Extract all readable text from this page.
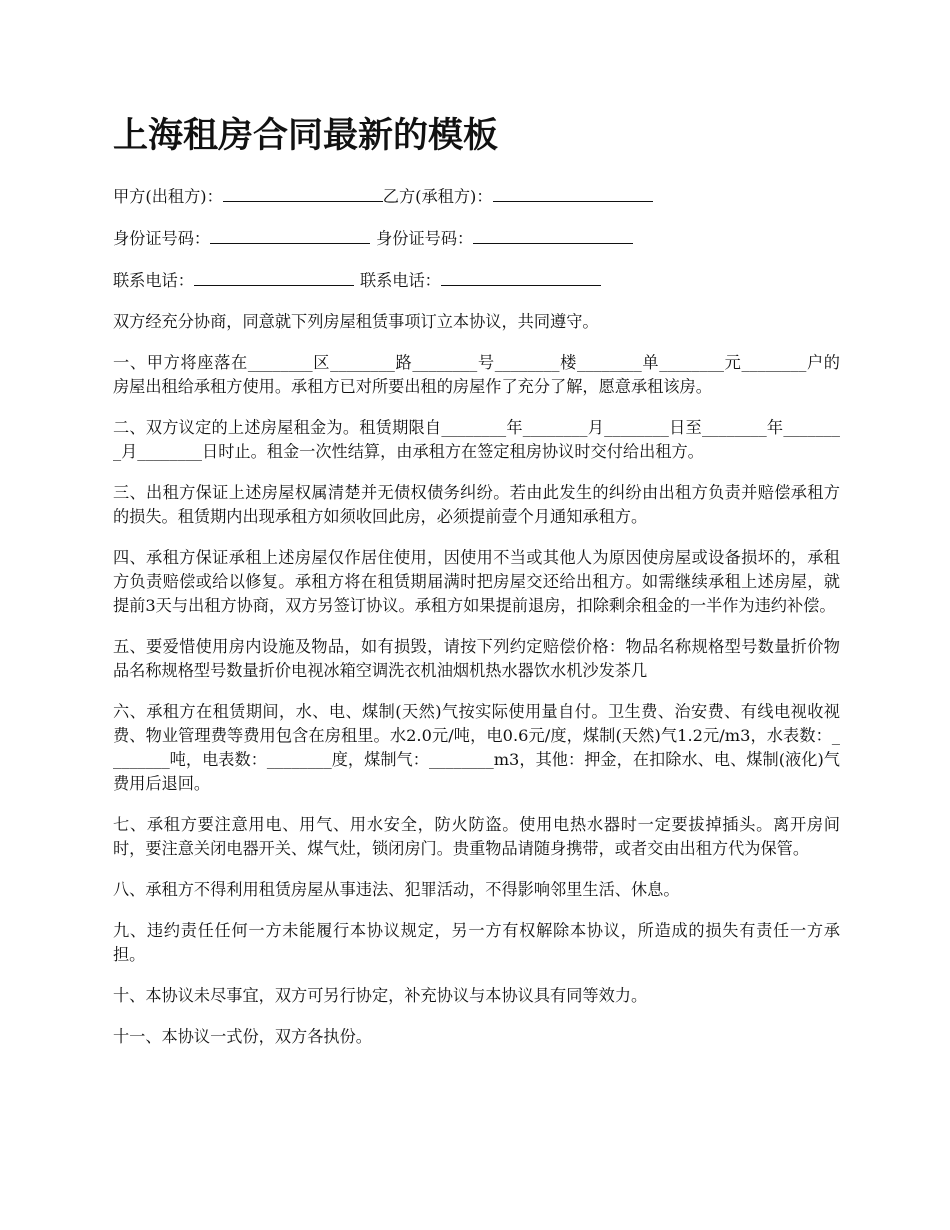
上海租房合同最新的模板

甲方(出租方)：	乙方(承租方)：

身份证号码：	身份证号码：

联系电话：	联系电话：

双方经充分协商，同意就下列房屋租赁事项订立本协议，共同遵守。

一、甲方将座落在________区________路________号________楼________单________元________户的房屋出租给承租方使用。承租方已对所要出租的房屋作了充分了解，愿意承租该房。

二、双方议定的上述房屋租金为。租赁期限自________年________月________日至________年________月________日时止。租金一次性结算，由承租方在签定租房协议时交付给出租方。

三、出租方保证上述房屋权属清楚并无债权债务纠纷。若由此发生的纠纷由出租方负责并赔偿承租方的损失。租赁期内出现承租方如须收回此房，必须提前壹个月通知承租方。

四、承租方保证承租上述房屋仅作居住使用，因使用不当或其他人为原因使房屋或设备损坏的，承租方负责赔偿或给以修复。承租方将在租赁期届满时把房屋交还给出租方。如需继续承租上述房屋，就提前3天与出租方协商，双方另签订协议。承租方如果提前退房，扣除剩余租金的一半作为违约补偿。

五、要爱惜使用房内设施及物品，如有损毁，请按下列约定赔偿价格：物品名称规格型号数量折价物品名称规格型号数量折价电视冰箱空调洗衣机油烟机热水器饮水机沙发茶几

六、承租方在租赁期间，水、电、煤制(天然)气按实际使用量自付。卫生费、治安费、有线电视收视费、物业管理费等费用包含在房租里。水2.0元/吨，电0.6元/度，煤制(天然)气1.2元/m3，水表数：________吨，电表数：________度，煤制气：________m3，其他：押金，在扣除水、电、煤制(液化)气费用后退回。

七、承租方要注意用电、用气、用水安全，防火防盗。使用电热水器时一定要拔掉插头。离开房间时，要注意关闭电器开关、煤气灶，锁闭房门。贵重物品请随身携带，或者交由出租方代为保管。

八、承租方不得利用租赁房屋从事违法、犯罪活动，不得影响邻里生活、休息。

九、违约责任任何一方未能履行本协议规定，另一方有权解除本协议，所造成的损失有责任一方承担。

十、本协议未尽事宜，双方可另行协定，补充协议与本协议具有同等效力。

十一、本协议一式份，双方各执份。
